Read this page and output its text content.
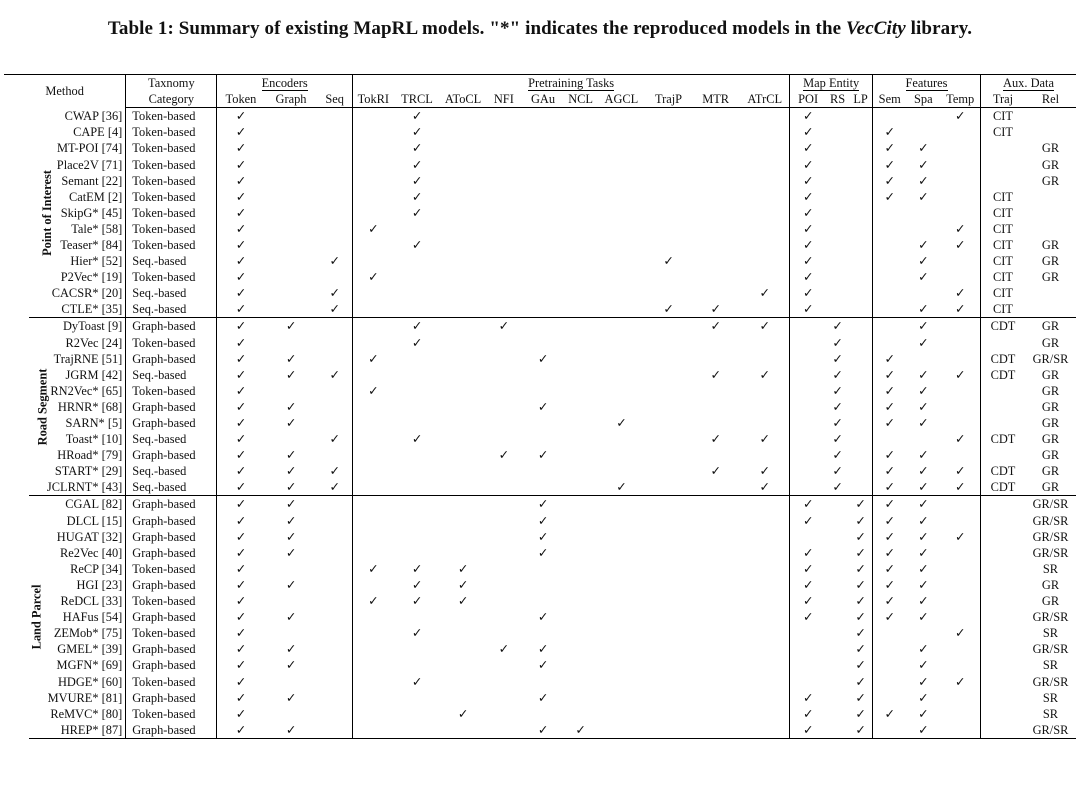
Table 1: Summary of existing MapRL models. "*" indicates the reproduced models in the VecCity library.
Method		Taxnomy	Encoders			Pretraining Tasks										Map Entity			Features			Aux. Data	
		Category	Token	Graph	Seq	TokRI	TRCL	AToCL	NFI	GAu	NCL	AGCL	TrajP	MTR	ATrCL	POI	RS	LP	Sem	Spa	Temp	Traj	Rel
Point of Interest	CWAP [36]	Token-based	✓				✓									✓					✓	CIT	
	CAPE [4]	Token-based	✓				✓									✓			✓			CIT	
	MT-POI [74]	Token-based	✓				✓									✓			✓	✓			GR
	Place2V [71]	Token-based	✓				✓									✓			✓	✓			GR
	Semant [22]	Token-based	✓				✓									✓			✓	✓			GR
	CatEM [2]	Token-based	✓				✓									✓			✓	✓		CIT	
	SkipG* [45]	Token-based	✓				✓									✓						CIT	
	Tale* [58]	Token-based	✓			✓										✓					✓	CIT	
	Teaser* [84]	Token-based	✓				✓									✓				✓	✓	CIT	GR
	Hier* [52]	Seq.-based	✓		✓								✓			✓				✓		CIT	GR
	P2Vec* [19]	Token-based	✓			✓										✓				✓		CIT	GR
	CACSR* [20]	Seq.-based	✓		✓										✓	✓					✓	CIT	
	CTLE* [35]	Seq.-based	✓		✓								✓	✓		✓				✓	✓	CIT	
Road Segment	DyToast [9]	Graph-based	✓	✓			✓		✓					✓	✓		✓			✓		CDT	GR
	R2Vec [24]	Token-based	✓				✓										✓			✓			GR
	TrajRNE [51]	Graph-based	✓	✓		✓				✓							✓		✓			CDT	GR/SR
	JGRM [42]	Seq.-based	✓	✓	✓									✓	✓		✓		✓	✓	✓	CDT	GR
	RN2Vec* [65]	Token-based	✓			✓											✓		✓	✓			GR
	HRNR* [68]	Graph-based	✓	✓						✓							✓		✓	✓			GR
	SARN* [5]	Graph-based	✓	✓								✓					✓		✓	✓			GR
	Toast* [10]	Seq.-based	✓		✓		✓							✓	✓		✓				✓	CDT	GR
	HRoad* [79]	Graph-based	✓	✓					✓	✓							✓		✓	✓			GR
	START* [29]	Seq.-based	✓	✓	✓									✓	✓		✓		✓	✓	✓	CDT	GR
	JCLRNT* [43]	Seq.-based	✓	✓	✓							✓			✓		✓		✓	✓	✓	CDT	GR
Land Parcel	CGAL [82]	Graph-based	✓	✓						✓						✓		✓	✓	✓			GR/SR
	DLCL [15]	Graph-based	✓	✓						✓						✓		✓	✓	✓			GR/SR
	HUGAT [32]	Graph-based	✓	✓						✓								✓	✓	✓	✓		GR/SR
	Re2Vec [40]	Graph-based	✓	✓						✓						✓		✓	✓	✓			GR/SR
	ReCP [34]	Token-based	✓			✓	✓	✓								✓		✓	✓	✓			SR
	HGI [23]	Graph-based	✓	✓			✓	✓								✓		✓	✓	✓			GR
	ReDCL [33]	Token-based	✓			✓	✓	✓								✓		✓	✓	✓			GR
	HAFus [54]	Graph-based	✓	✓						✓						✓		✓	✓	✓			GR/SR
	ZEMob* [75]	Token-based	✓				✓											✓			✓		SR
	GMEL* [39]	Graph-based	✓	✓					✓	✓								✓		✓			GR/SR
	MGFN* [69]	Graph-based	✓	✓						✓								✓		✓			SR
	HDGE* [60]	Token-based	✓				✓											✓		✓	✓		GR/SR
	MVURE* [81]	Graph-based	✓	✓						✓						✓		✓		✓			SR
	ReMVC* [80]	Token-based	✓					✓								✓		✓	✓	✓			SR
	HREP* [87]	Graph-based	✓	✓						✓	✓					✓		✓		✓			GR/SR
